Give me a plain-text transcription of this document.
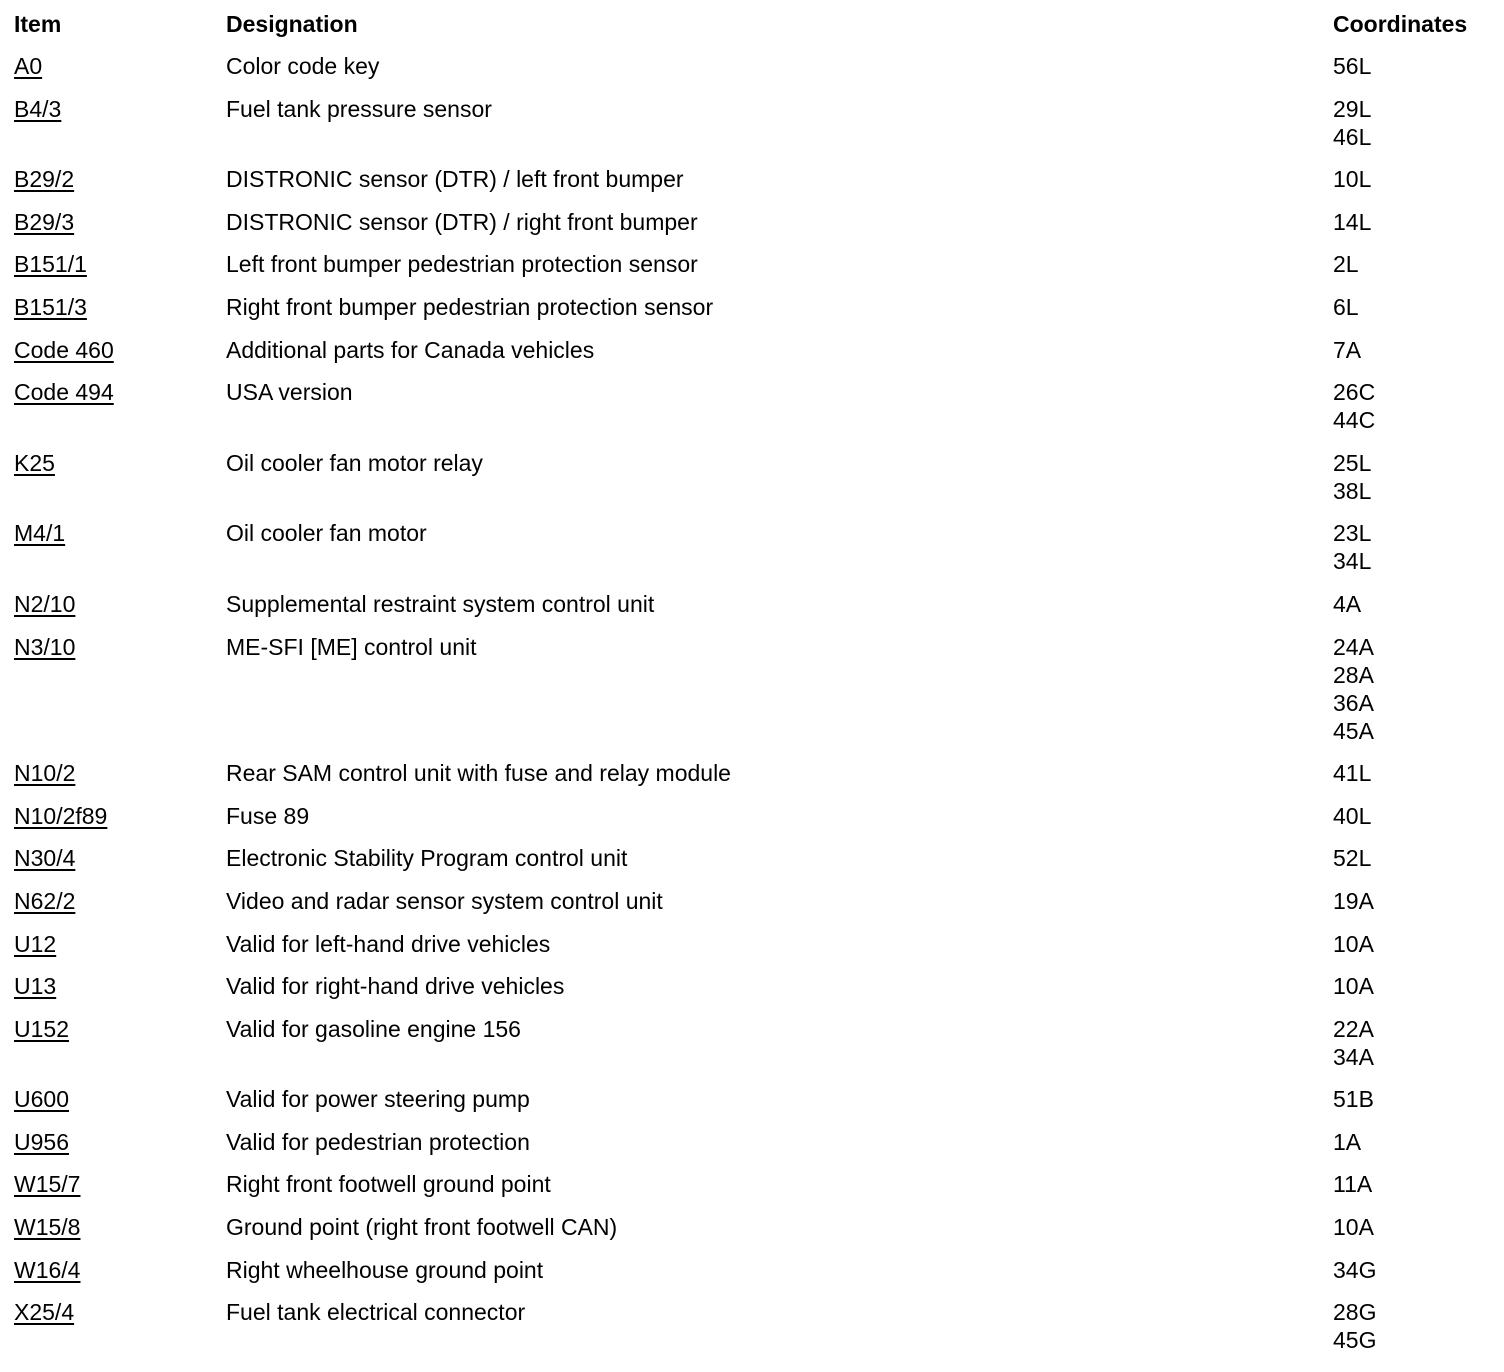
Item	Designation	Coordinates
A0	Color code key	56L

B4/3	Fuel tank pressure sensor	29L
46L

B29/2	DISTRONIC sensor (DTR) / left front bumper	10L

B29/3	DISTRONIC sensor (DTR) / right front bumper	14L

B151/1	Left front bumper pedestrian protection sensor	2L

B151/3	Right front bumper pedestrian protection sensor	6L

Code 460	Additional parts for Canada vehicles	7A

Code 494	USA version	26C
44C

K25	Oil cooler fan motor relay	25L
38L

M4/1	Oil cooler fan motor	23L
34L

N2/10	Supplemental restraint system control unit	4A

N3/10	ME-SFI [ME] control unit	24A
28A
36A
45A

N10/2	Rear SAM control unit with fuse and relay module	41L

N10/2f89	Fuse 89	40L

N30/4	Electronic Stability Program control unit	52L

N62/2	Video and radar sensor system control unit	19A

U12	Valid for left-hand drive vehicles	10A

U13	Valid for right-hand drive vehicles	10A

U152	Valid for gasoline engine 156	22A
34A

U600	Valid for power steering pump	51B

U956	Valid for pedestrian protection	1A

W15/7	Right front footwell ground point	11A

W15/8	Ground point (right front footwell CAN)	10A

W16/4	Right wheelhouse ground point	34G

X25/4	Fuel tank electrical connector	28G
45G
